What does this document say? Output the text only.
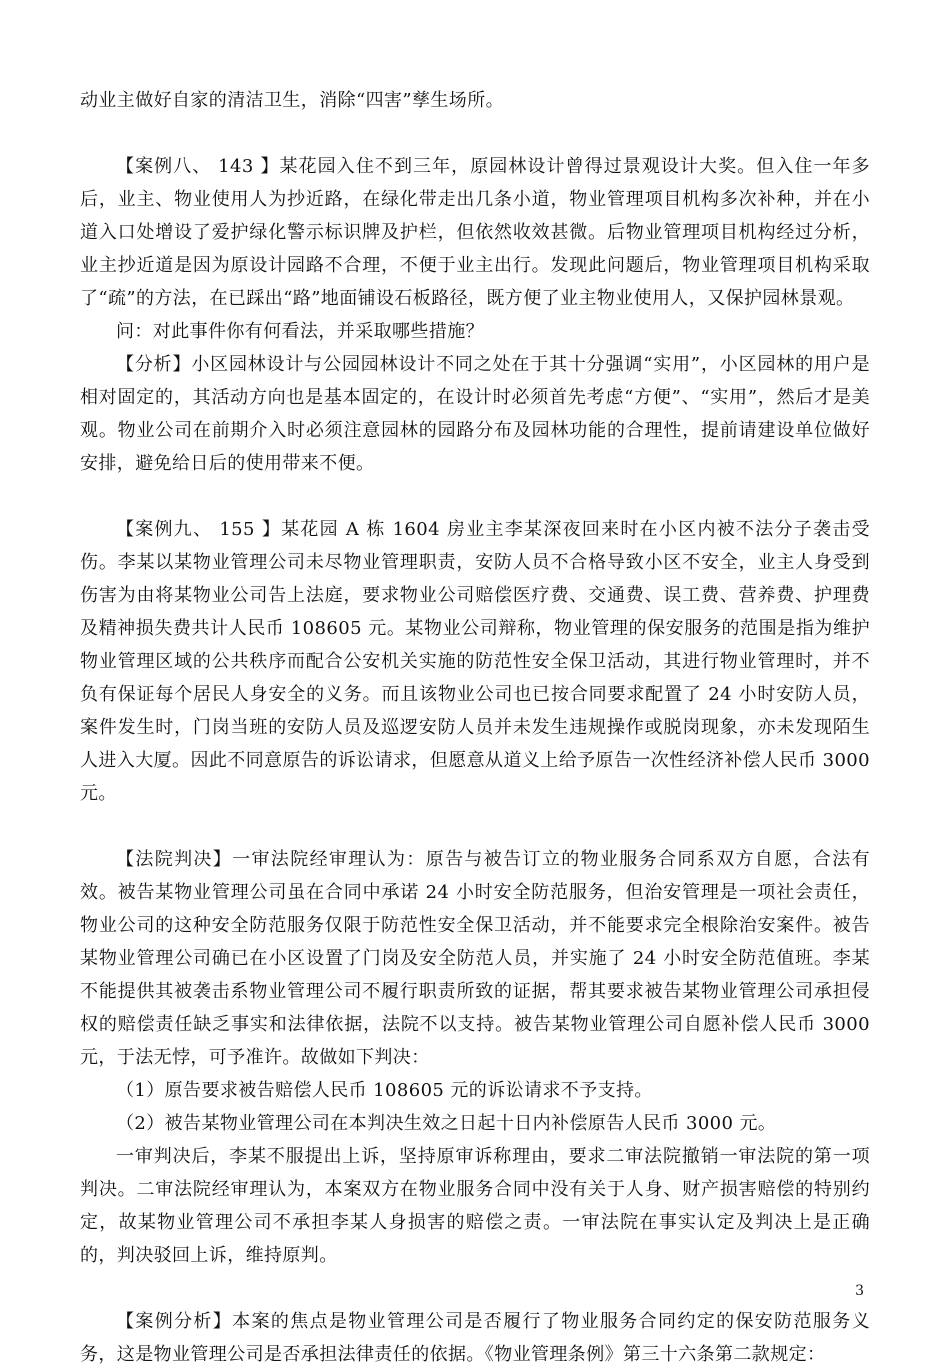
动业主做好自家的清洁卫生，消除“四害”孳生场所。

【案例八、 143 】某花园入住不到三年，原园林设计曾得过景观设计大奖。但入住一年多后，业主、物业使用人为抄近路，在绿化带走出几条小道，物业管理项目机构多次补种，并在小道入口处增设了爱护绿化警示标识牌及护栏，但依然收效甚微。后物业管理项目机构经过分析，业主抄近道是因为原设计园路不合理，不便于业主出行。发现此问题后，物业管理项目机构采取了“疏”的方法，在已踩出“路”地面铺设石板路径，既方便了业主物业使用人，又保护园林景观。

问：对此事件你有何看法，并采取哪些措施？

【分析】小区园林设计与公园园林设计不同之处在于其十分强调“实用”，小区园林的用户是相对固定的，其活动方向也是基本固定的，在设计时必须首先考虑“方便”、“实用”，然后才是美观。物业公司在前期介入时必须注意园林的园路分布及园林功能的合理性，提前请建设单位做好安排，避免给日后的使用带来不便。

【案例九、 155 】某花园 A 栋 1604 房业主李某深夜回来时在小区内被不法分子袭击受伤。李某以某物业管理公司未尽物业管理职责，安防人员不合格导致小区不安全，业主人身受到伤害为由将某物业公司告上法庭，要求物业公司赔偿医疗费、交通费、误工费、营养费、护理费及精神损失费共计人民币 108605 元。某物业公司辩称，物业管理的保安服务的范围是指为维护物业管理区域的公共秩序而配合公安机关实施的防范性安全保卫活动，其进行物业管理时，并不负有保证每个居民人身安全的义务。而且该物业公司也已按合同要求配置了 24 小时安防人员，案件发生时，门岗当班的安防人员及巡逻安防人员并未发生违规操作或脱岗现象，亦未发现陌生人进入大厦。因此不同意原告的诉讼请求，但愿意从道义上给予原告一次性经济补偿人民币 3000 元。

【法院判决】一审法院经审理认为：原告与被告订立的物业服务合同系双方自愿，合法有效。被告某物业管理公司虽在合同中承诺 24 小时安全防范服务，但治安管理是一项社会责任，物业公司的这种安全防范服务仅限于防范性安全保卫活动，并不能要求完全根除治安案件。被告某物业管理公司确已在小区设置了门岗及安全防范人员，并实施了 24 小时安全防范值班。李某不能提供其被袭击系物业管理公司不履行职责所致的证据，帮其要求被告某物业管理公司承担侵权的赔偿责任缺乏事实和法律依据，法院不以支持。被告某物业管理公司自愿补偿人民币 3000 元，于法无悖，可予准许。故做如下判决：

（1）原告要求被告赔偿人民币 108605 元的诉讼请求不予支持。

（2）被告某物业管理公司在本判决生效之日起十日内补偿原告人民币 3000 元。

一审判决后，李某不服提出上诉，坚持原审诉称理由，要求二审法院撤销一审法院的第一项判决。二审法院经审理认为，本案双方在物业服务合同中没有关于人身、财产损害赔偿的特别约定，故某物业管理公司不承担李某人身损害的赔偿之责。一审法院在事实认定及判决上是正确的，判决驳回上诉，维持原判。

【案例分析】本案的焦点是物业管理公司是否履行了物业服务合同约定的保安防范服务义务，这是物业管理公司是否承担法律责任的依据。《物业管理条例》第三十六条第二款规定：

3
